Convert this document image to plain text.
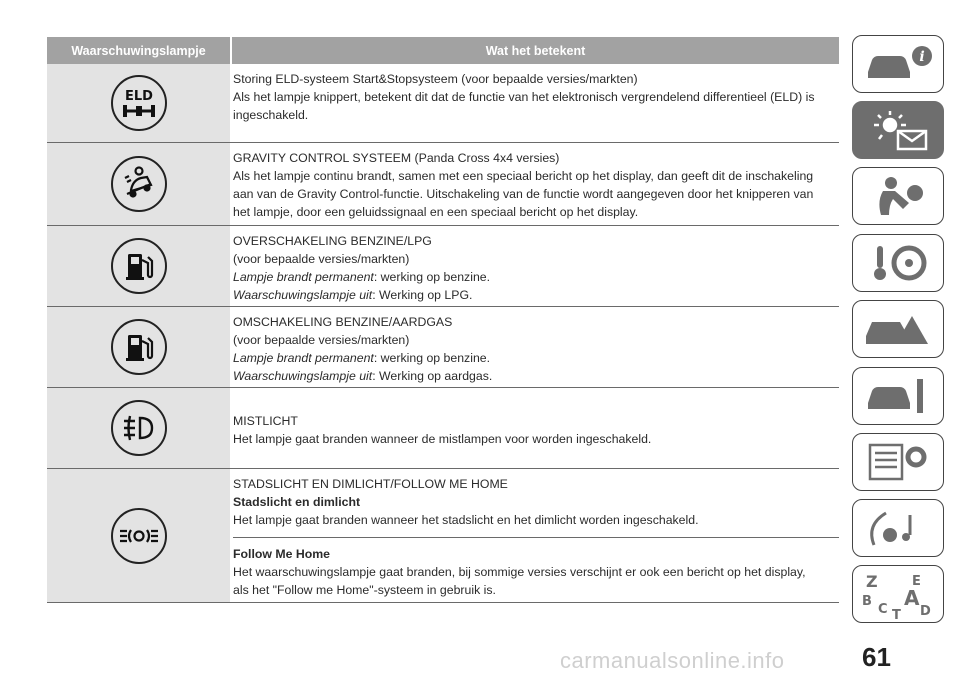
Waarschuwingslampje	Wat het betekent
ELD
Storing ELD-systeem Start&Stopsysteem (voor bepaalde versies/markten)
Als het lampje knippert, betekent dit dat de functie van het elektronisch vergrendelend differentieel (ELD) is
ingeschakeld.
GRAVITY CONTROL SYSTEEM (Panda Cross 4x4 versies)
Als het lampje continu brandt, samen met een speciaal bericht op het display, dan geeft dit de inschakeling
aan van de Gravity Control-functie. Uitschakeling van de functie wordt aangegeven door het knipperen van
het lampje, door een geluidssignaal en een speciaal bericht op het display.
OVERSCHAKELING BENZINE/LPG
(voor bepaalde versies/markten)
Lampje brandt permanent: werking op benzine.
Waarschuwingslampje uit: Werking op LPG.
OMSCHAKELING BENZINE/AARDGAS
(voor bepaalde versies/markten)
Lampje brandt permanent: werking op benzine.
Waarschuwingslampje uit: Werking op aardgas.
MISTLICHT
Het lampje gaat branden wanneer de mistlampen voor worden ingeschakeld.
STADSLICHT EN DIMLICHT/FOLLOW ME HOME
Stadslicht en dimlicht
Het lampje gaat branden wanneer het stadslicht en het dimlicht worden ingeschakeld.
Follow Me Home
Het waarschuwingslampje gaat branden, bij sommige versies verschijnt er ook een bericht op het display,
als het "Follow me Home"-systeem in gebruik is.
i
Z	E
B A
C D
T
61
carmanualsonline.info
